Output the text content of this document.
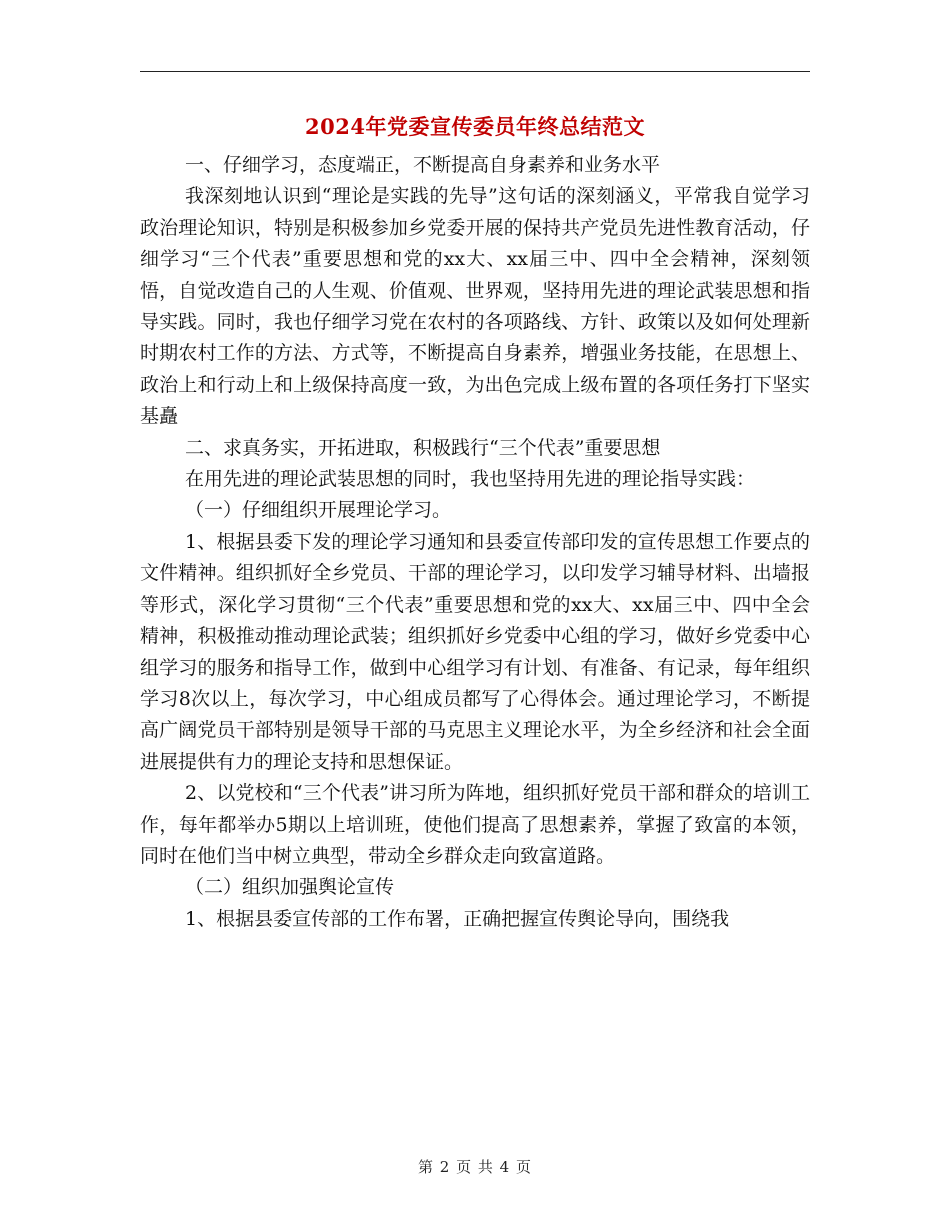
2024年党委宣传委员年终总结范文

一、仔细学习，态度端正，不断提高自身素养和业务水平

我深刻地认识到“理论是实践的先导”这句话的深刻涵义，平常我自觉学习政治理论知识，特别是积极参加乡党委开展的保持共产党员先进性教育活动，仔细学习“三个代表”重要思想和党的xx大、xx届三中、四中全会精神，深刻领悟，自觉改造自己的人生观、价值观、世界观，坚持用先进的理论武装思想和指导实践。同时，我也仔细学习党在农村的各项路线、方针、政策以及如何处理新时期农村工作的方法、方式等，不断提高自身素养，增强业务技能，在思想上、政治上和行动上和上级保持高度一致，为出色完成上级布置的各项任务打下坚实基矗

二、求真务实，开拓进取，积极践行“三个代表”重要思想

在用先进的理论武装思想的同时，我也坚持用先进的理论指导实践：

（一）仔细组织开展理论学习。

1、根据县委下发的理论学习通知和县委宣传部印发的宣传思想工作要点的文件精神。组织抓好全乡党员、干部的理论学习，以印发学习辅导材料、出墙报等形式，深化学习贯彻“三个代表”重要思想和党的xx大、xx届三中、四中全会精神，积极推动推动理论武装；组织抓好乡党委中心组的学习，做好乡党委中心组学习的服务和指导工作，做到中心组学习有计划、有准备、有记录，每年组织学习8次以上，每次学习，中心组成员都写了心得体会。通过理论学习，不断提高广阔党员干部特别是领导干部的马克思主义理论水平，为全乡经济和社会全面进展提供有力的理论支持和思想保证。

2、以党校和“三个代表”讲习所为阵地，组织抓好党员干部和群众的培训工作，每年都举办5期以上培训班，使他们提高了思想素养，掌握了致富的本领，同时在他们当中树立典型，带动全乡群众走向致富道路。

（二）组织加强舆论宣传

1、根据县委宣传部的工作布署，正确把握宣传舆论导向，围绕我

第 2 页 共 4 页
